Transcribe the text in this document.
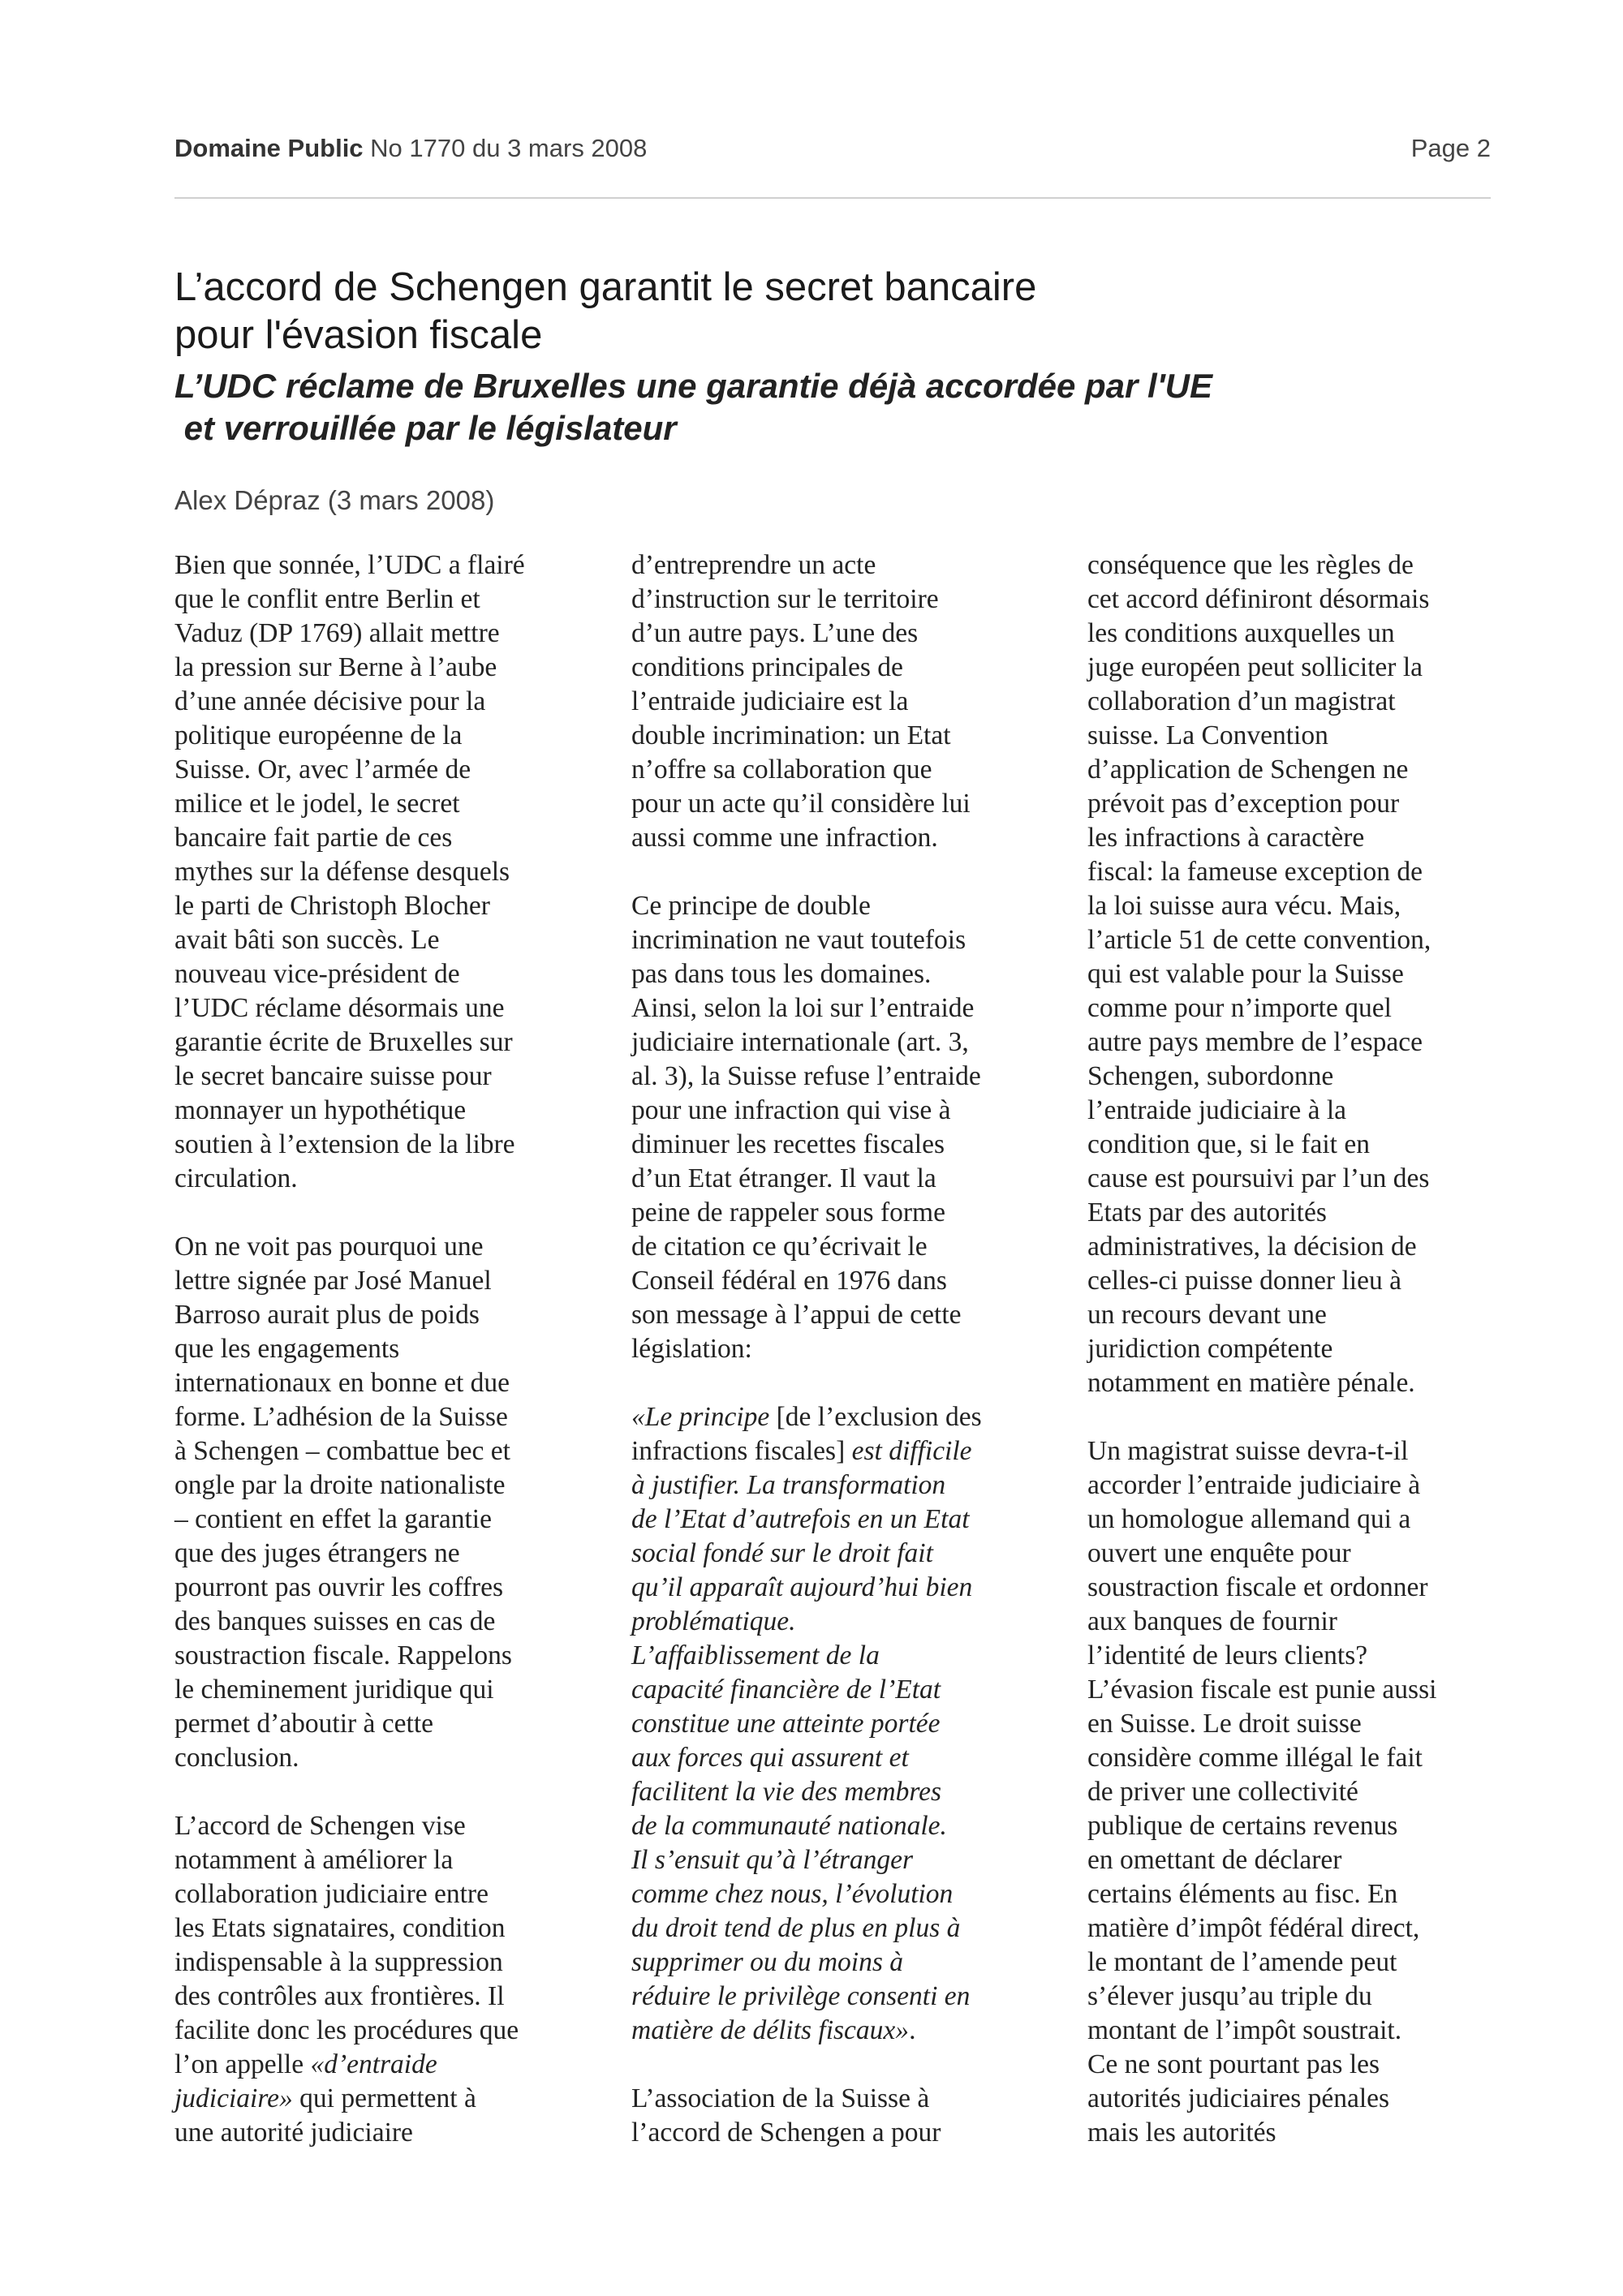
Domaine Public No 1770 du 3 mars 2008	Page 2
L’accord de Schengen garantit le secret bancaire
pour l'évasion fiscale
L’UDC réclame de Bruxelles une garantie déjà accordée par l'UE
et verrouillée par le législateur
Alex Dépraz (3 mars 2008)
Bien que sonnée, l’UDC a flairé
que le conflit entre Berlin et
Vaduz (DP 1769) allait mettre
la pression sur Berne à l’aube
d’une année décisive pour la
politique européenne de la
Suisse. Or, avec l’armée de
milice et le jodel, le secret
bancaire fait partie de ces
mythes sur la défense desquels
le parti de Christoph Blocher
avait bâti son succès. Le
nouveau vice-président de
l’UDC réclame désormais une
garantie écrite de Bruxelles sur
le secret bancaire suisse pour
monnayer un hypothétique
soutien à l’extension de la libre
circulation.
On ne voit pas pourquoi une
lettre signée par José Manuel
Barroso aurait plus de poids
que les engagements
internationaux en bonne et due
forme. L’adhésion de la Suisse
à Schengen – combattue bec et
ongle par la droite nationaliste
– contient en effet la garantie
que des juges étrangers ne
pourront pas ouvrir les coffres
des banques suisses en cas de
soustraction fiscale. Rappelons
le cheminement juridique qui
permet d’aboutir à cette
conclusion.
L’accord de Schengen vise
notamment à améliorer la
collaboration judiciaire entre
les Etats signataires, condition
indispensable à la suppression
des contrôles aux frontières. Il
facilite donc les procédures que
l’on appelle «d’entraide
judiciaire» qui permettent à
une autorité judiciaire
d’entreprendre un acte
d’instruction sur le territoire
d’un autre pays. L’une des
conditions principales de
l’entraide judiciaire est la
double incrimination: un Etat
n’offre sa collaboration que
pour un acte qu’il considère lui
aussi comme une infraction.
Ce principe de double
incrimination ne vaut toutefois
pas dans tous les domaines.
Ainsi, selon la loi sur l’entraide
judiciaire internationale (art. 3,
al. 3), la Suisse refuse l’entraide
pour une infraction qui vise à
diminuer les recettes fiscales
d’un Etat étranger. Il vaut la
peine de rappeler sous forme
de citation ce qu’écrivait le
Conseil fédéral en 1976 dans
son message à l’appui de cette
législation:
«Le principe [de l’exclusion des
infractions fiscales] est difficile
à justifier. La transformation
de l’Etat d’autrefois en un Etat
social fondé sur le droit fait
qu’il apparaît aujourd’hui bien
problématique.
L’affaiblissement de la
capacité financière de l’Etat
constitue une atteinte portée
aux forces qui assurent et
facilitent la vie des membres
de la communauté nationale.
Il s’ensuit qu’à l’étranger
comme chez nous, l’évolution
du droit tend de plus en plus à
supprimer ou du moins à
réduire le privilège consenti en
matière de délits fiscaux».
L’association de la Suisse à
l’accord de Schengen a pour
conséquence que les règles de
cet accord définiront désormais
les conditions auxquelles un
juge européen peut solliciter la
collaboration d’un magistrat
suisse. La Convention
d’application de Schengen ne
prévoit pas d’exception pour
les infractions à caractère
fiscal: la fameuse exception de
la loi suisse aura vécu. Mais,
l’article 51 de cette convention,
qui est valable pour la Suisse
comme pour n’importe quel
autre pays membre de l’espace
Schengen, subordonne
l’entraide judiciaire à la
condition que, si le fait en
cause est poursuivi par l’un des
Etats par des autorités
administratives, la décision de
celles-ci puisse donner lieu à
un recours devant une
juridiction compétente
notamment en matière pénale.
Un magistrat suisse devra-t-il
accorder l’entraide judiciaire à
un homologue allemand qui a
ouvert une enquête pour
soustraction fiscale et ordonner
aux banques de fournir
l’identité de leurs clients?
L’évasion fiscale est punie aussi
en Suisse. Le droit suisse
considère comme illégal le fait
de priver une collectivité
publique de certains revenus
en omettant de déclarer
certains éléments au fisc. En
matière d’impôt fédéral direct,
le montant de l’amende peut
s’élever jusqu’au triple du
montant de l’impôt soustrait.
Ce ne sont pourtant pas les
autorités judiciaires pénales
mais les autorités
